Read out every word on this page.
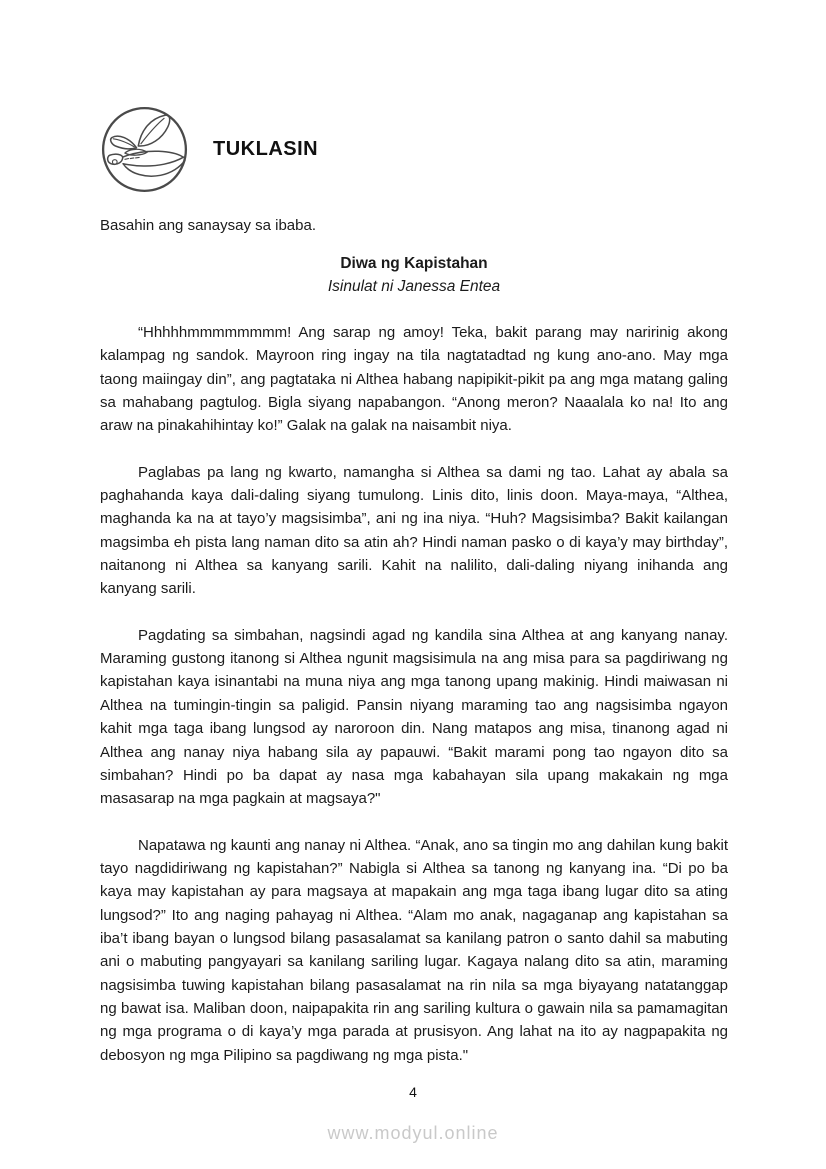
TUKLASIN
Basahin ang sanaysay sa ibaba.
Diwa ng Kapistahan
Isinulat ni Janessa Entea

“Hhhhhmmmmmmmm! Ang sarap ng amoy! Teka, bakit parang may naririnig akong kalampag ng sandok. Mayroon ring ingay na tila nagtatadtad ng kung ano-ano. May mga taong maiingay din”, ang pagtataka ni Althea habang napipikit-pikit pa ang mga matang galing sa mahabang pagtulog. Bigla siyang napabangon. “Anong meron? Naaalala ko na! Ito ang araw na pinakahihintay ko!” Galak na galak na naisambit niya.

Paglabas pa lang ng kwarto, namangha si Althea sa dami ng tao. Lahat ay abala sa paghahanda kaya dali-daling siyang tumulong. Linis dito, linis doon. Maya-maya, “Althea, maghanda ka na at tayo’y magsisimba”, ani ng ina niya. “Huh? Magsisimba? Bakit kailangan magsimba eh pista lang naman dito sa atin ah? Hindi naman pasko o di kaya’y may birthday”, naitanong ni Althea sa kanyang sarili. Kahit na nalilito, dali-daling niyang inihanda ang kanyang sarili.

Pagdating sa simbahan, nagsindi agad ng kandila sina Althea at ang kanyang nanay. Maraming gustong itanong si Althea ngunit magsisimula na ang misa para sa pagdiriwang ng kapistahan kaya isinantabi na muna niya ang mga tanong upang makinig. Hindi maiwasan ni Althea na tumingin-tingin sa paligid. Pansin niyang maraming tao ang nagsisimba ngayon kahit mga taga ibang lungsod ay naroroon din. Nang matapos ang misa, tinanong agad ni Althea ang nanay niya habang sila ay papauwi. “Bakit marami pong tao ngayon dito sa simbahan? Hindi po ba dapat ay nasa mga kabahayan sila upang makakain ng mga masasarap na mga pagkain at magsaya?"

Napatawa ng kaunti ang nanay ni Althea. “Anak, ano sa tingin mo ang dahilan kung bakit tayo nagdidiriwang ng kapistahan?” Nabigla si Althea sa tanong ng kanyang ina. “Di po ba kaya may kapistahan ay para magsaya at mapakain ang mga taga ibang lugar dito sa ating lungsod?” Ito ang naging pahayag ni Althea. “Alam mo anak, nagaganap ang kapistahan sa iba’t ibang bayan o lungsod bilang pasasalamat sa kanilang patron o santo dahil sa mabuting ani o mabuting pangyayari sa kanilang sariling lugar. Kagaya nalang dito sa atin, maraming nagsisimba tuwing kapistahan bilang pasasalamat na rin nila sa mga biyayang natatanggap ng bawat isa. Maliban doon, naipapakita rin ang sariling kultura o gawain nila sa pamamagitan ng mga programa o di kaya’y mga parada at prusisyon. Ang lahat na ito ay nagpapakita ng debosyon ng mga Pilipino sa pagdiwang ng mga pista."

4
www.modyul.online
